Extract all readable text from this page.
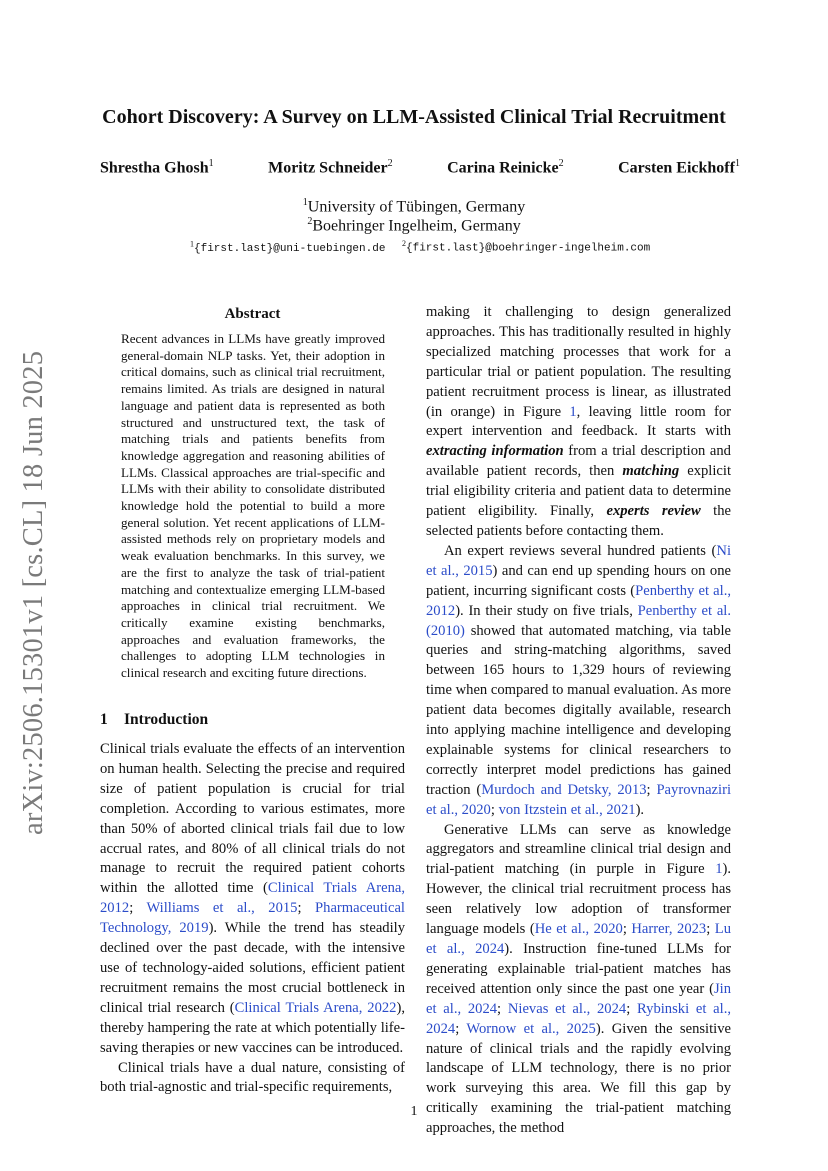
arXiv:2506.15301v1 [cs.CL] 18 Jun 2025
Cohort Discovery: A Survey on LLM-Assisted Clinical Trial Recruitment
Shrestha Ghosh$^1$	Moritz Schneider$^2$	Carina Reinicke$^2$	Carsten Eickhoff$^1$
$^1$University of Tübingen, Germany
$^2$Boehringer Ingelheim, Germany
$^1${first.last}@uni-tuebingen.de $^2${first.last}@boehringer-ingelheim.com
Abstract
Recent advances in LLMs have greatly improved general-domain NLP tasks. Yet, their adoption in critical domains, such as clinical trial recruitment, remains limited. As trials are designed in natural language and patient data is represented as both structured and unstructured text, the task of matching trials and patients benefits from knowledge aggregation and reasoning abilities of LLMs. Classical approaches are trial-specific and LLMs with their ability to consolidate distributed knowledge hold the potential to build a more general solution. Yet recent applications of LLM-assisted methods rely on proprietary models and weak evaluation benchmarks. In this survey, we are the first to analyze the task of trial-patient matching and contextualize emerging LLM-based approaches in clinical trial recruitment. We critically examine existing benchmarks, approaches and evaluation frameworks, the challenges to adopting LLM technologies in clinical research and exciting future directions.
1 Introduction

Clinical trials evaluate the effects of an intervention on human health. Selecting the precise and required size of patient population is crucial for trial completion. According to various estimates, more than 50% of aborted clinical trials fail due to low accrual rates, and 80% of all clinical trials do not manage to recruit the required patient cohorts within the allotted time (Clinical Trials Arena, 2012; Williams et al., 2015; Pharmaceutical Technology, 2019). While the trend has steadily declined over the past decade, with the intensive use of technology-aided solutions, efficient patient recruitment remains the most crucial bottleneck in clinical trial research (Clinical Trials Arena, 2022), thereby hampering the rate at which potentially life-saving therapies or new vaccines can be introduced.

Clinical trials have a dual nature, consisting of both trial-agnostic and trial-specific requirements,

making it challenging to design generalized approaches. This has traditionally resulted in highly specialized matching processes that work for a particular trial or patient population. The resulting patient recruitment process is linear, as illustrated (in orange) in Figure 1, leaving little room for expert intervention and feedback. It starts with extracting information from a trial description and available patient records, then matching explicit trial eligibility criteria and patient data to determine patient eligibility. Finally, experts review the selected patients before contacting them.

An expert reviews several hundred patients (Ni et al., 2015) and can end up spending hours on one patient, incurring significant costs (Penberthy et al., 2012). In their study on five trials, Penberthy et al. (2010) showed that automated matching, via table queries and string-matching algorithms, saved between 165 hours to 1,329 hours of reviewing time when compared to manual evaluation. As more patient data becomes digitally available, research into applying machine intelligence and developing explainable systems for clinical researchers to correctly interpret model predictions has gained traction (Murdoch and Detsky, 2013; Payrovnaziri et al., 2020; von Itzstein et al., 2021).

Generative LLMs can serve as knowledge aggregators and streamline clinical trial design and trial-patient matching (in purple in Figure 1). However, the clinical trial recruitment process has seen relatively low adoption of transformer language models (He et al., 2020; Harrer, 2023; Lu et al., 2024). Instruction fine-tuned LLMs for generating explainable trial-patient matches has received attention only since the past one year (Jin et al., 2024; Nievas et al., 2024; Rybinski et al., 2024; Wornow et al., 2025). Given the sensitive nature of clinical trials and the rapidly evolving landscape of LLM technology, there is no prior work surveying this area. We fill this gap by critically examining the trial-patient matching approaches, the method

1
